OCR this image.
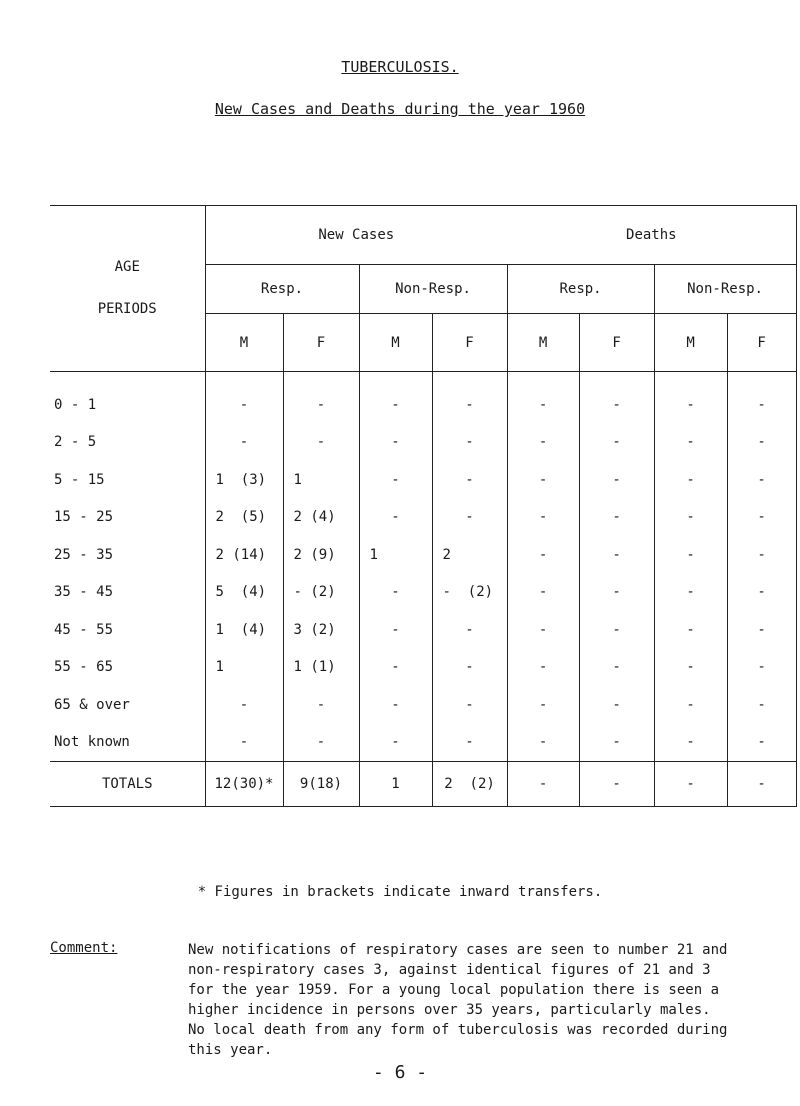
TUBERCULOSIS.
New Cases and Deaths during the year 1960
AGE
PERIODS	New Cases				Deaths			
	Resp.		Non-Resp.		Resp.		Non-Resp.	
	M	F	M	F	M	F	M	F
0 - 1	-	-	-	-	-	-	-	-
2 - 5	-	-	-	-	-	-	-	-
5 - 15	1  (3)	1	-	-	-	-	-	-
15 - 25	2  (5)	2 (4)	-	-	-	-	-	-
25 - 35	2 (14)	2 (9)	1	2	-	-	-	-
35 - 45	5  (4)	- (2)	-	-  (2)	-	-	-	-
45 - 55	1  (4)	3 (2)	-	-	-	-	-	-
55 - 65	1	1 (1)	-	-	-	-	-	-
65 & over	-	-	-	-	-	-	-	-
Not known	-	-	-	-	-	-	-	-
TOTALS	12(30)*	9(18)	1	2  (2)	-	-	-	-
* Figures in brackets indicate inward transfers.
Comment:	New notifications of respiratory cases are seen to number 21 and
non-respiratory cases 3, against identical figures of 21 and 3
for the year 1959. For a young local population there is seen a
higher incidence in persons over 35 years, particularly males.
No local death from any form of tuberculosis was recorded during
this year.
- 6 -
